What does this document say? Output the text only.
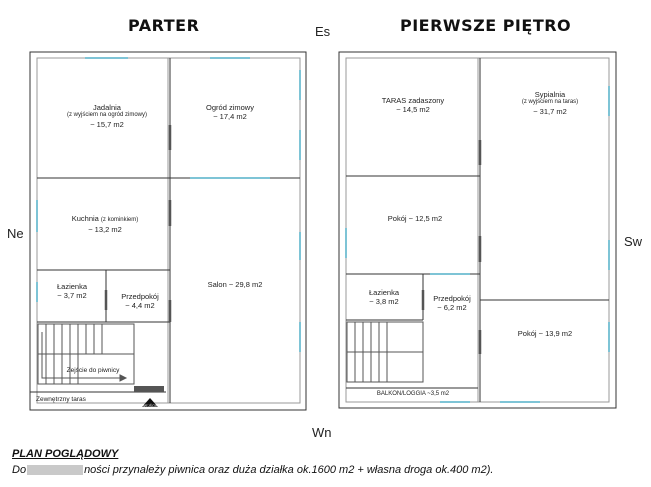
PARTER	PIERWSZE PIĘTRO
Es
Ne
Sw
Wn
Jadalnia
(z wyjściem na ogród zimowy)
~ 15,7 m2
Ogród zimowy
~ 17,4 m2
Kuchnia (z kominkiem)
~ 13,2 m2
Łazienka
~ 3,7 m2	Przedpokój
~ 4,4 m2
Salon ~ 29,8 m2
Zejście do piwnicy
Zewnętrzny taras
WEJŚCIE
TARAS zadaszony
~ 14,5 m2
Sypialnia
(z wyjściem na taras)
~ 31,7 m2
Pokój ~ 12,5 m2
Łazienka
~ 3,8 m2	Przedpokój
~ 6,2 m2
Pokój ~ 13,9 m2
BALKON/LOGGIA ~3,5 m2
PLAN POGLĄDOWY
Do	ności przynależy piwnica oraz duża działka ok.1600 m2 + własna droga ok.400 m2).
